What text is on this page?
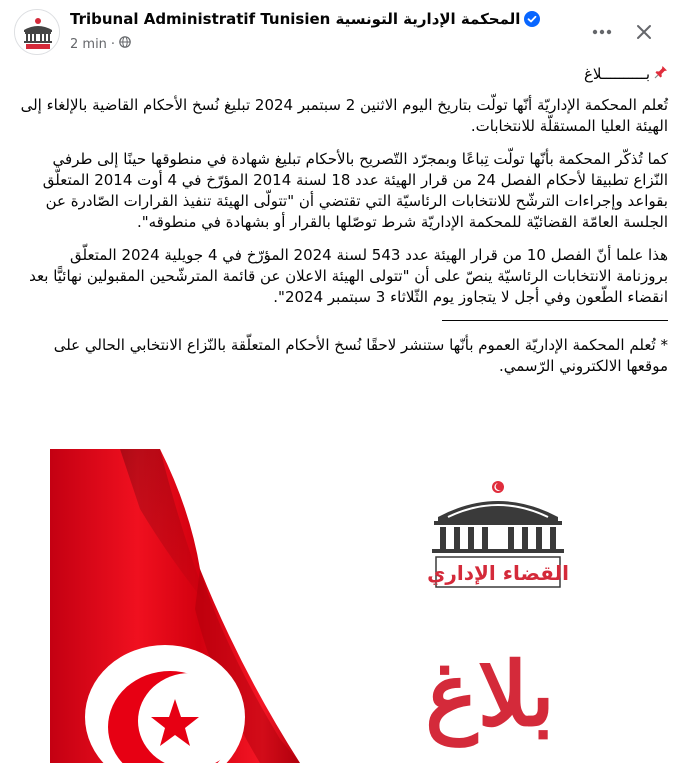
Tribunal Administratif Tunisien المحكمة الإدارية التونسية
2 min ·
بــــــــــلاغ

تُعلم المحكمة الإداريّة أنّها تولّت بتاريخ اليوم الاثنين 2 سبتمبر 2024 تبليغ نُسخ الأحكام القاضية بالإلغاء إلى الهيئة العليا المستقلّة للانتخابات.

كما تُذكّر المحكمة بأنّها تولّت تِباعًا وبمجرّد التّصريح بالأحكام تبليغ شهادة في منطوقها حينًا إلى طرفي النّزاع تطبيقا لأحكام الفصل 24 من قرار الهيئة عدد 18 لسنة 2014 المؤرّخ في 4 أوت 2014 المتعلّق بقواعد وإجراءات الترشّح للانتخابات الرئاسيّة التي تقتضي أن "تتولّى الهيئة تنفيذ القرارات الصّادرة عن الجلسة العامّة القضائيّة للمحكمة الإداريّة شرط توصّلها بالقرار أو بشهادة في منطوقه".

هذا علما أنّ الفصل 10 من قرار الهيئة عدد 543 لسنة 2024 المؤرّخ في 4 جويلية 2024 المتعلّق بروزنامة الانتخابات الرئاسيّة ينصّ على أن "تتولى الهيئة الاعلان عن قائمة المترشّحين المقبولين نهائيًّا بعد انقضاء الطّعون وفي أجل لا يتجاوز يوم الثّلاثاء 3 سبتمبر 2024".

* تُعلم المحكمة الإداريّة العموم بأنّها ستنشر لاحقًا نُسخ الأحكام المتعلّقة بالنّزاع الانتخابي الحالي على موقعها الالكتروني الرّسمي.

القضاء الإداري
بلاغ
